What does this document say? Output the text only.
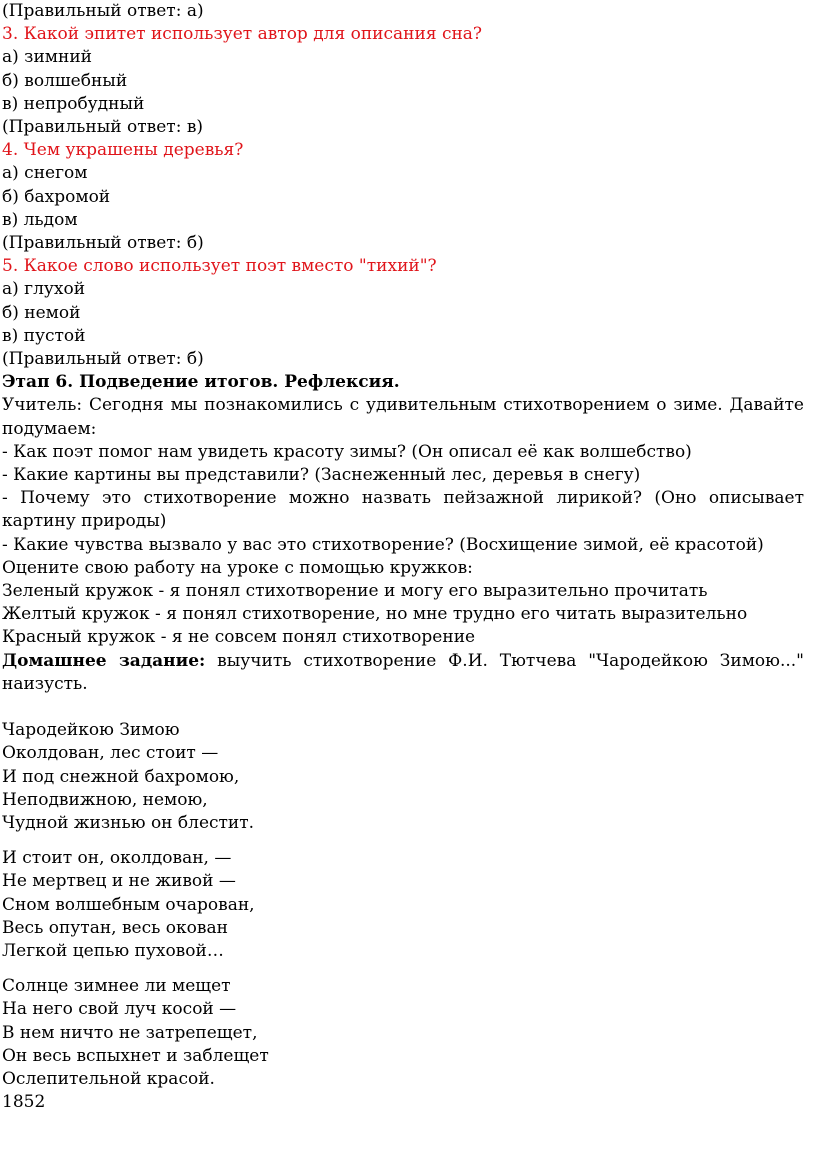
(Правильный ответ: а)

3. Какой эпитет использует автор для описания сна?

а) зимний

б) волшебный

в) непробудный

(Правильный ответ: в)

4. Чем украшены деревья?

а) снегом

б) бахромой

в) льдом

(Правильный ответ: б)

5. Какое слово использует поэт вместо "тихий"?

а) глухой

б) немой

в) пустой

(Правильный ответ: б)

Этап 6. Подведение итогов. Рефлексия.

Учитель: Сегодня мы познакомились с удивительным стихотворением о зиме. Давайте подумаем:

- Как поэт помог нам увидеть красоту зимы? (Он описал её как волшебство)

- Какие картины вы представили? (Заснеженный лес, деревья в снегу)

- Почему это стихотворение можно назвать пейзажной лирикой? (Оно описывает картину природы)

- Какие чувства вызвало у вас это стихотворение? (Восхищение зимой, её красотой)

Оцените свою работу на уроке с помощью кружков:

Зеленый кружок - я понял стихотворение и могу его выразительно прочитать

Желтый кружок - я понял стихотворение, но мне трудно его читать выразительно

Красный кружок - я не совсем понял стихотворение

Домашнее задание: выучить стихотворение Ф.И. Тютчева "Чародейкою Зимою..." наизусть.

Чародейкою Зимою

Околдован, лес стоит —

И под снежной бахромою,

Неподвижною, немою,

Чудной жизнью он блестит.

И стоит он, околдован, —

Не мертвец и не живой —

Сном волшебным очарован,

Весь опутан, весь окован

Легкой цепью пуховой…

Солнце зимнее ли мещет

На него свой луч косой —

В нем ничто не затрепещет,

Он весь вспыхнет и заблещет

Ослепительной красой.

1852
